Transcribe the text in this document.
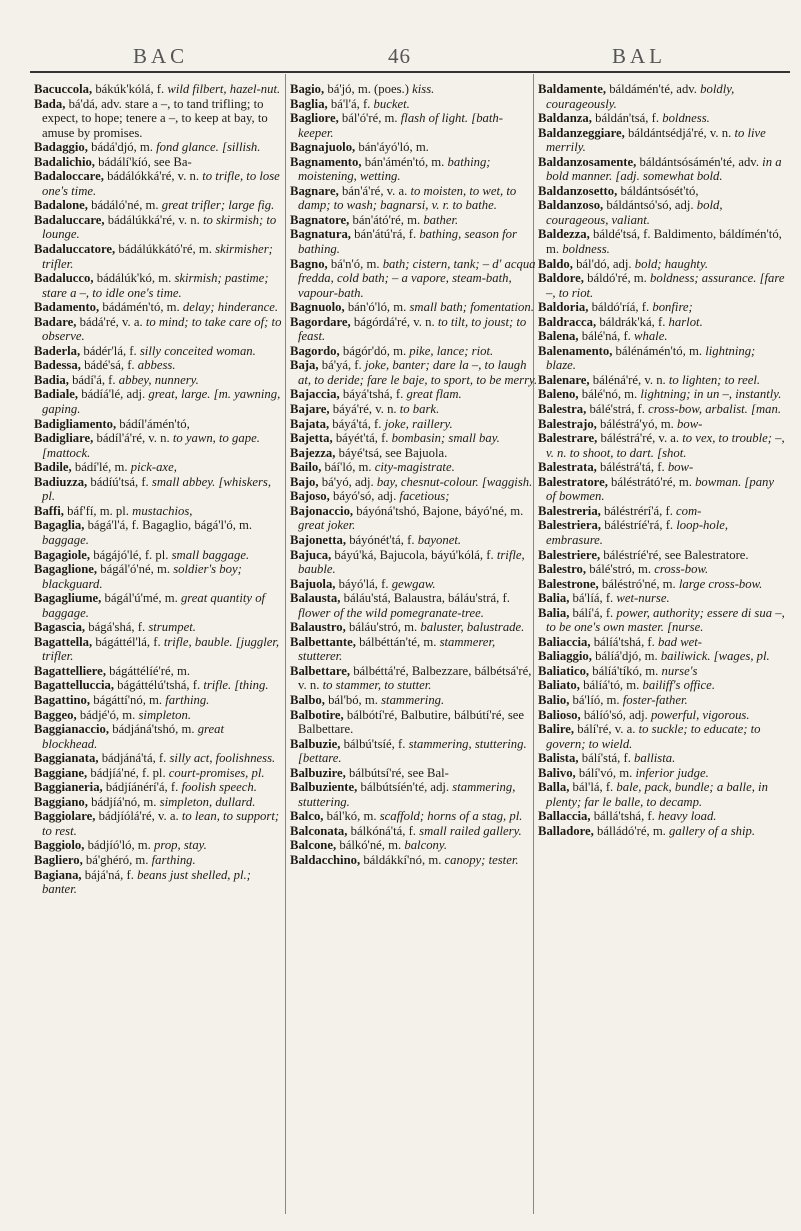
BAC	46	BAL
Bacuccola, bákúk'kólá, f. wild filbert, hazel-nut.
Bada, bá'dá, adv. stare a –, to tand trifling; to expect, to hope; tenere a –, to keep at bay, to amuse by promises.
Badaggio, bádá'djó, m. fond glance. [sillish.
Badalichio, bádálí'kíó, see Ba-
Badaloccare, bádálókká'ré, v. n. to trifle, to lose one's time.
Badalone, bádáló'né, m. great trifler; large fig.
Badaluccare, bádálúkká'ré, v. n. to skirmish; to lounge.
Badaluccatore, bádálúkkátó'ré, m. skirmisher; trifler.
Badalucco, bádálúk'kó, m. skirmish; pastime; stare a –, to idle one's time.
Badamento, bádámén'tó, m. delay; hinderance.
Badare, bádá'ré, v. a. to mind; to take care of; to observe.
Baderla, bádér'lá, f. silly conceited woman.
Badessa, bádé'sá, f. abbess.
Badia, bádí'á, f. abbey, nunnery.
Badiale, bádíá'lé, adj. great, large. [m. yawning, gaping.
Badigliamento, bádíl'ámén'tó,
Badigliare, bádíl'á'ré, v. n. to yawn, to gape. [mattock.
Badile, bádí'lé, m. pick-axe,
Badiuzza, bádíú'tsá, f. small abbey. [whiskers, pl.
Baffi, báf'fí, m. pl. mustachios,
Bagaglia, bágá'l'á, f. Bagaglio, bágá'l'ó, m. baggage.
Bagagiole, bágájó'lé, f. pl. small baggage.
Bagaglione, bágál'ó'né, m. soldier's boy; blackguard.
Bagagliume, bágál'ú'mé, m. great quantity of baggage.
Bagascia, bágá'shá, f. strumpet.
Bagattella, bágáttél'lá, f. trifle, bauble. [juggler, trifler.
Bagattelliere, bágáttélíé'ré, m.
Bagattelluccia, bágáttélú'tshá, f. trifle. [thing.
Bagattino, bágáttí'nó, m. farthing.
Baggeo, bádjé'ó, m. simpleton.
Baggianaccio, bádjáná'tshó, m. great blockhead.
Baggianata, bádjáná'tá, f. silly act, foolishness.
Baggiane, bádjíá'né, f. pl. court-promises, pl.
Baggianeria, bádjíánérí'á, f. foolish speech.
Baggiano, bádjíá'nó, m. simpleton, dullard.
Baggiolare, bádjíólá'ré, v. a. to lean, to support; to rest.
Baggiolo, bádjíó'ló, m. prop, stay.
Bagliero, bá'ghéró, m. farthing.
Bagiana, bájá'ná, f. beans just shelled, pl.; banter.
Bagio, bá'jó, m. (poes.) kiss.
Baglia, bá'l'á, f. bucket.
Bagliore, bál'ó'ré, m. flash of light. [bath-keeper.
Bagnajuolo, bán'áyó'ló, m.
Bagnamento, bán'ámén'tó, m. bathing; moistening, wetting.
Bagnare, bán'á'ré, v. a. to moisten, to wet, to damp; to wash; bagnarsi, v. r. to bathe.
Bagnatore, bán'átó'ré, m. bather.
Bagnatura, bán'átú'rá, f. bathing, season for bathing.
Bagno, bá'n'ó, m. bath; cistern, tank; – d' acqua fredda, cold bath; – a vapore, steam-bath, vapour-bath.
Bagnuolo, bán'ó'ló, m. small bath; fomentation.
Bagordare, bágórdá'ré, v. n. to tilt, to joust; to feast.
Bagordo, bágór'dó, m. pike, lance; riot.
Baja, bá'yá, f. joke, banter; dare la –, to laugh at, to deride; fare le baje, to sport, to be merry.
Bajaccia, báyá'tshá, f. great flam.
Bajare, báyá'ré, v. n. to bark.
Bajata, báyá'tá, f. joke, raillery.
Bajetta, báyét'tá, f. bombasin; small bay.
Bajezza, báyé'tsá, see Bajuola.
Bailo, báí'ló, m. city-magistrate.
Bajo, bá'yó, adj. bay, chesnut-colour. [waggish.
Bajoso, báyó'só, adj. facetious;
Bajonaccio, báyóná'tshó, Bajone, báyó'né, m. great joker.
Bajonetta, báyónét'tá, f. bayonet.
Bajuca, báyú'ká, Bajucola, báyú'kólá, f. trifle, bauble.
Bajuola, báyó'lá, f. gewgaw.
Balausta, báláu'stá, Balaustra, báláu'strá, f. flower of the wild pomegranate-tree.
Balaustro, báláu'stró, m. baluster, balustrade.
Balbettante, bálbéttán'té, m. stammerer, stutterer.
Balbettare, bálbéttá'ré, Balbezzare, bálbétsá'ré, v. n. to stammer, to stutter.
Balbo, bál'bó, m. stammering.
Balbotire, bálbótí'ré, Balbutire, bálbútí'ré, see Balbettare.
Balbuzie, bálbú'tsíé, f. stammering, stuttering. [bettare.
Balbuzire, bálbútsí'ré, see Bal-
Balbuziente, bálbútsíén'té, adj. stammering, stuttering.
Balco, bál'kó, m. scaffold; horns of a stag, pl.
Balconata, bálkóná'tá, f. small railed gallery.
Balcone, bálkó'né, m. balcony.
Baldacchino, báldákkí'nó, m. canopy; tester.
Baldamente, báldámén'té, adv. boldly, courageously.
Baldanza, báldán'tsá, f. boldness.
Baldanzeggiare, báldántsédjá'ré, v. n. to live merrily.
Baldanzosamente, báldántsósámén'té, adv. in a bold manner. [adj. somewhat bold.
Baldanzosetto, báldántsósét'tó,
Baldanzoso, báldántsó'só, adj. bold, courageous, valiant.
Baldezza, báldé'tsá, f. Baldimento, báldímén'tó, m. boldness.
Baldo, bál'dó, adj. bold; haughty.
Baldore, báldó'ré, m. boldness; assurance. [fare –, to riot.
Baldoria, báldó'ríá, f. bonfire;
Baldracca, báldrák'ká, f. harlot.
Balena, bálé'ná, f. whale.
Balenamento, bálénámén'tó, m. lightning; blaze.
Balenare, báléná'ré, v. n. to lighten; to reel.
Baleno, bálé'nó, m. lightning; in un –, instantly.
Balestra, bálé'strá, f. cross-bow, arbalist. [man.
Balestrajo, báléstrá'yó, m. bow-
Balestrare, báléstrá'ré, v. a. to vex, to trouble; –, v. n. to shoot, to dart. [shot.
Balestrata, báléstrá'tá, f. bow-
Balestratore, báléstrátó'ré, m. bowman. [pany of bowmen.
Balestreria, báléstrérí'á, f. com-
Balestriera, báléstríé'rá, f. loop-hole, embrasure.
Balestriere, báléstríé'ré, see Balestratore.
Balestro, bálé'stró, m. cross-bow.
Balestrone, báléstró'né, m. large cross-bow.
Balia, bá'líá, f. wet-nurse.
Balia, bálí'á, f. power, authority; essere di sua –, to be one's own master. [nurse.
Baliaccia, bálíá'tshá, f. bad wet-
Baliaggio, bálíá'djó, m. bailiwick. [wages, pl.
Baliatico, bálíá'tíkó, m. nurse's
Baliato, bálíá'tó, m. bailiff's office.
Balio, bá'líó, m. foster-father.
Balioso, bálíó'só, adj. powerful, vigorous.
Balire, bálí'ré, v. a. to suckle; to educate; to govern; to wield.
Balista, bálí'stá, f. ballista.
Balivo, bálí'vó, m. inferior judge.
Balla, bál'lá, f. bale, pack, bundle; a balle, in plenty; far le balle, to decamp.
Ballaccia, bállá'tshá, f. heavy load.
Balladore, bálládó'ré, m. gallery of a ship.
